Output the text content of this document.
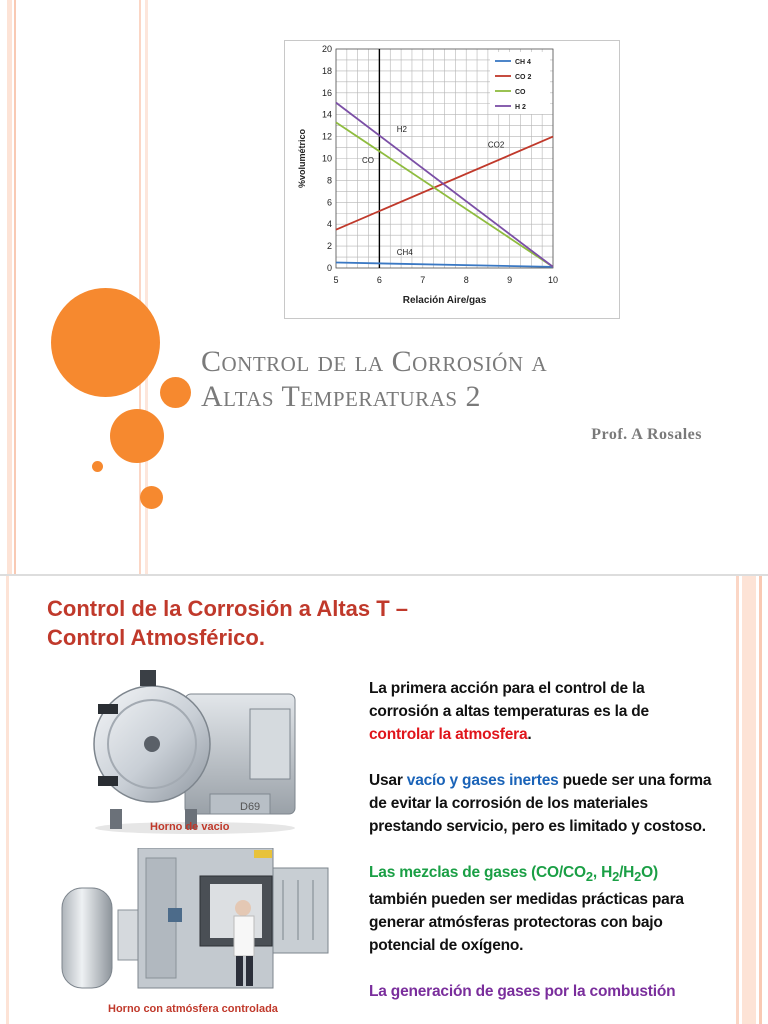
0
2
4
6
8
10
12
14
16
18
20
5	6	7	8	9	10
Relación Aire/gas
%volumétrico
CH 4
CO 2
CO
H 2
H2
CO2
CO
CH4
Control de la Corrosión a
Altas Temperaturas 2
Prof. A Rosales
Control de la Corrosión a Altas T –
Control Atmosférico.
D69
Horno de vacio
Horno con atmósfera controlada

La primera acción para el control de la corrosión a altas temperaturas es la de controlar la atmosfera.

Usar vacío y gases inertes puede ser una forma de evitar la corrosión de los materiales prestando servicio, pero es limitado y costoso.

Las mezclas de gases ($CO/CO_2$, $H_2/H_2O$) también pueden ser medidas prácticas para generar atmósferas protectoras con bajo potencial de oxígeno.

La generación de gases por la combustión
